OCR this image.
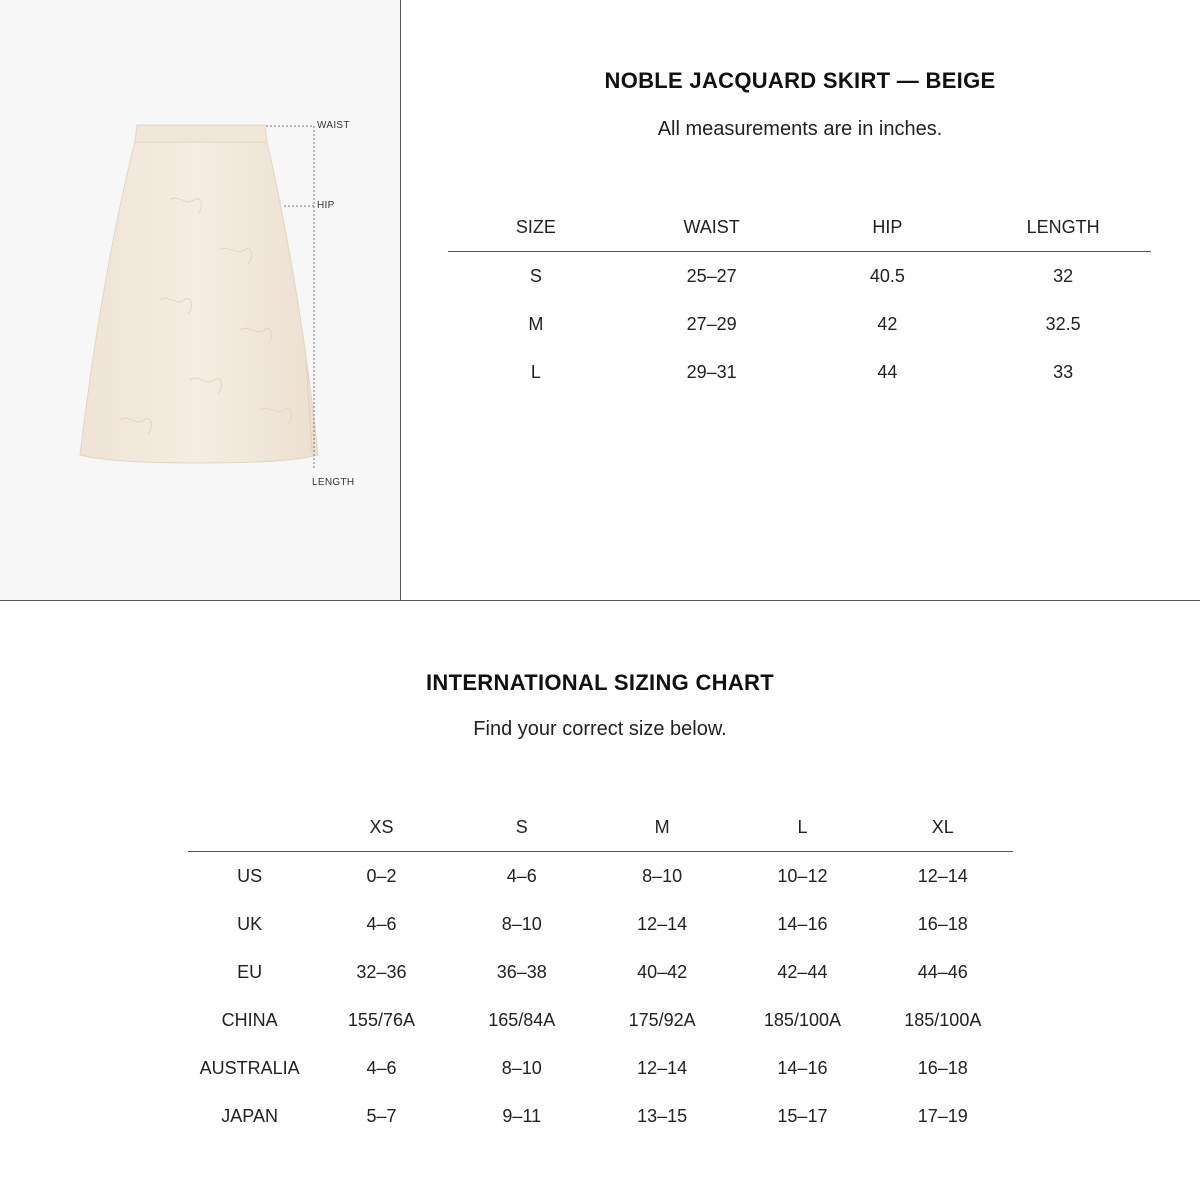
WAIST
HIP
LENGTH
NOBLE JACQUARD SKIRT — BEIGE
All measurements are in inches.
SIZE	WAIST	HIP	LENGTH
S	25–27	40.5	32
M	27–29	42	32.5
L	29–31	44	33
INTERNATIONAL SIZING CHART
Find your correct size below.
	XS	S	M	L	XL
US	0–2	4–6	8–10	10–12	12–14
UK	4–6	8–10	12–14	14–16	16–18
EU	32–36	36–38	40–42	42–44	44–46
CHINA	155/76A	165/84A	175/92A	185/100A	185/100A
AUSTRALIA	4–6	8–10	12–14	14–16	16–18
JAPAN	5–7	9–11	13–15	15–17	17–19
